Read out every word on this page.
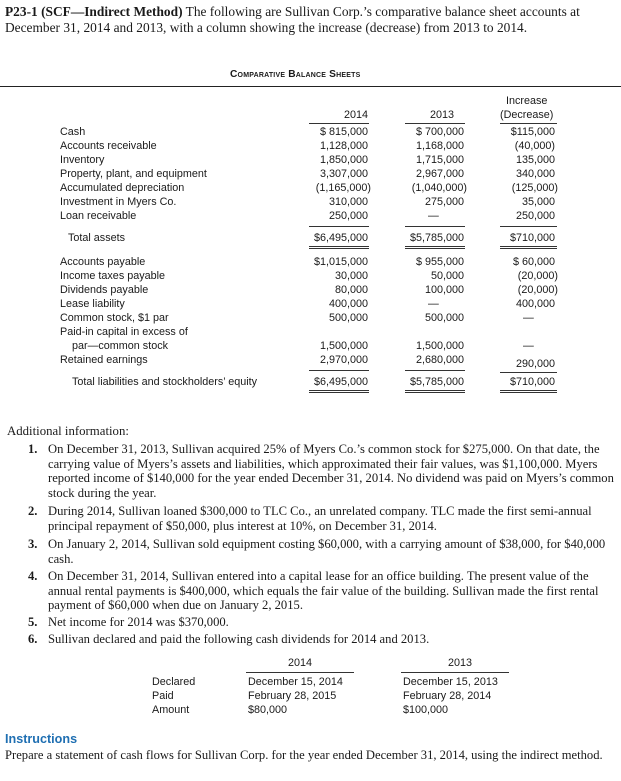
P23-1 (SCF—Indirect Method) The following are Sullivan Corp.’s comparative balance sheet accounts at December 31, 2014 and 2013, with a column showing the increase (decrease) from 2013 to 2014.
Comparative Balance Sheets
2014	2013
Increase
(Decrease)
Cash	$ 815,000	$ 700,000	$115,000
Accounts receivable	1,128,000	1,168,000	(40,000)
Inventory	1,850,000	1,715,000	135,000
Property, plant, and equipment	3,307,000	2,967,000	340,000
Accumulated depreciation	(1,165,000)	(1,040,000)	(125,000)
Investment in Myers Co.	310,000	275,000	35,000
Loan receivable	250,000	—	250,000
Total assets	$6,495,000	$5,785,000	$710,000
Accounts payable	$1,015,000	$ 955,000	$ 60,000
Income taxes payable	30,000	50,000	(20,000)
Dividends payable	80,000	100,000	(20,000)
Lease liability	400,000	—	400,000
Common stock, $1 par	500,000	500,000	—
Paid-in capital in excess of
par—common stock	1,500,000	1,500,000	—
Retained earnings	2,970,000	2,680,000	290,000
Total liabilities and stockholders’ equity	$6,495,000	$5,785,000	$710,000
Additional information:
1. On December 31, 2013, Sullivan acquired 25% of Myers Co.’s common stock for $275,000. On that date, the carrying value of Myers’s assets and liabilities, which approximated their fair values, was $1,100,000. Myers reported income of $140,000 for the year ended December 31, 2014. No dividend was paid on Myers’s common stock during the year.
2. During 2014, Sullivan loaned $300,000 to TLC Co., an unrelated company. TLC made the first semi-annual principal repayment of $50,000, plus interest at 10%, on December 31, 2014.
3. On January 2, 2014, Sullivan sold equipment costing $60,000, with a carrying amount of $38,000, for $40,000 cash.
4. On December 31, 2014, Sullivan entered into a capital lease for an office building. The present value of the annual rental payments is $400,000, which equals the fair value of the building. Sullivan made the first rental payment of $60,000 when due on January 2, 2015.
5. Net income for 2014 was $370,000.
6. Sullivan declared and paid the following cash dividends for 2014 and 2013.
2014	2013
Declared	December 15, 2014	December 15, 2013
Paid	February 28, 2015	February 28, 2014
Amount	$80,000	$100,000
Instructions
Prepare a statement of cash flows for Sullivan Corp. for the year ended December 31, 2014, using the indirect method.
